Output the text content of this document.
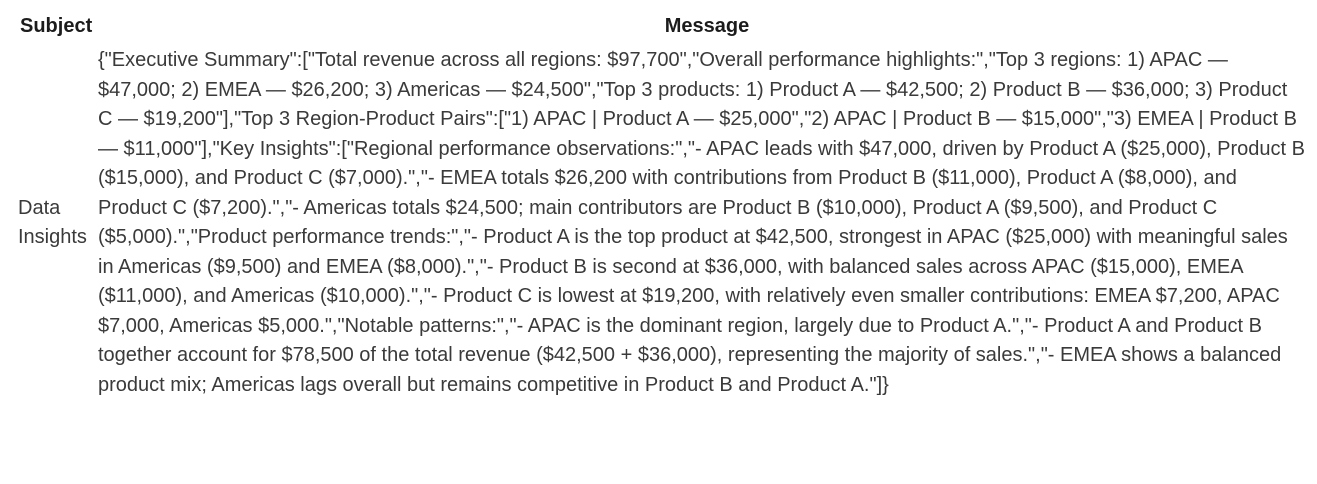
Subject	Message
Data Insights	{"Executive Summary":["Total revenue across all regions: $97,700","Overall performance highlights:","Top 3 regions: 1) APAC — $47,000; 2) EMEA — $26,200; 3) Americas — $24,500","Top 3 products: 1) Product A — $42,500; 2) Product B — $36,000; 3) Product C — $19,200"],"Top 3 Region-Product Pairs":["1) APAC | Product A — $25,000","2) APAC | Product B — $15,000","3) EMEA | Product B — $11,000"],"Key Insights":["Regional performance observations:","- APAC leads with $47,000, driven by Product A ($25,000), Product B ($15,000), and Product C ($7,000).","- EMEA totals $26,200 with contributions from Product B ($11,000), Product A ($8,000), and Product C ($7,200).","- Americas totals $24,500; main contributors are Product B ($10,000), Product A ($9,500), and Product C ($5,000).","Product performance trends:","- Product A is the top product at $42,500, strongest in APAC ($25,000) with meaningful sales in Americas ($9,500) and EMEA ($8,000).","- Product B is second at $36,000, with balanced sales across APAC ($15,000), EMEA ($11,000), and Americas ($10,000).","- Product C is lowest at $19,200, with relatively even smaller contributions: EMEA $7,200, APAC $7,000, Americas $5,000.","Notable patterns:","- APAC is the dominant region, largely due to Product A.","- Product A and Product B together account for $78,500 of the total revenue ($42,500 + $36,000), representing the majority of sales.","- EMEA shows a balanced product mix; Americas lags overall but remains competitive in Product B and Product A."]}
